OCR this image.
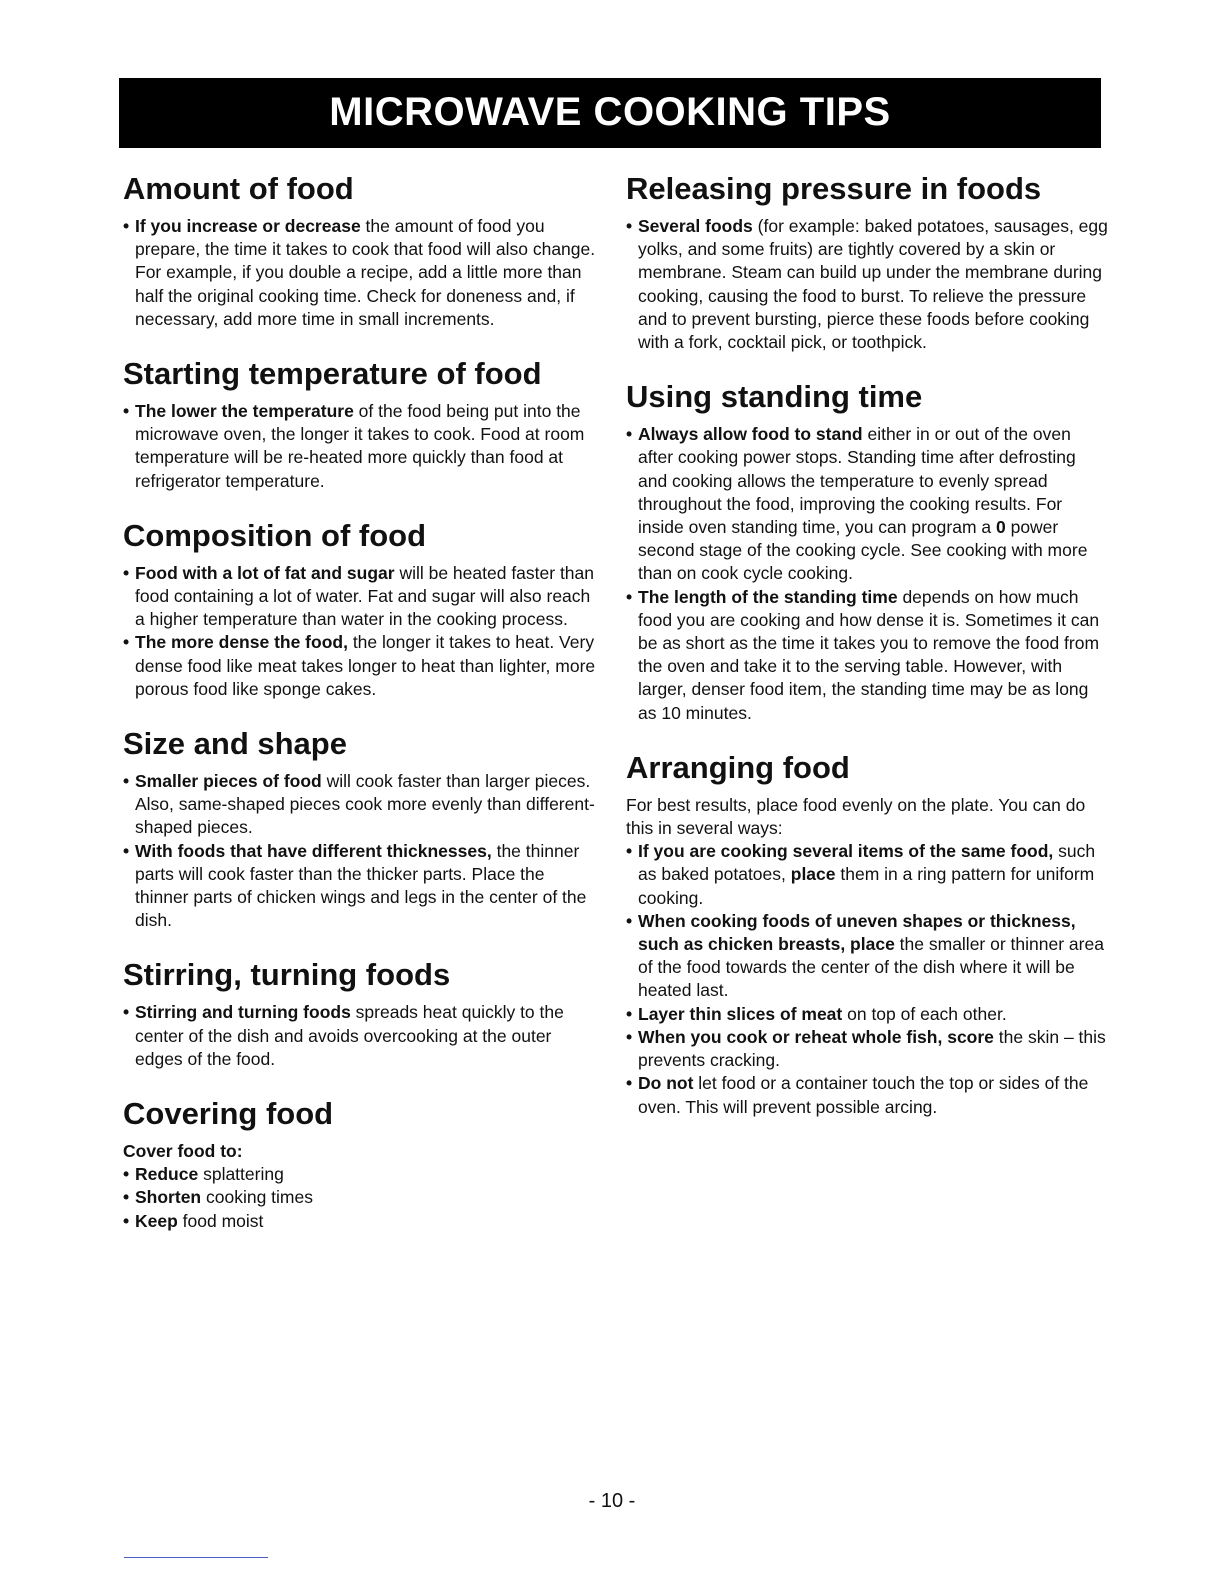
MICROWAVE COOKING TIPS
Amount of food
• If you increase or decrease the amount of food you prepare, the time it takes to cook that food will also change. For example, if you double a recipe, add a little more than half the original cooking time. Check for doneness and, if necessary, add more time in small increments.
Starting temperature of food
• The lower the temperature of the food being put into the microwave oven, the longer it takes to cook. Food at room temperature will be re-heated more quickly than food at refrigerator temperature.
Composition of food
• Food with a lot of fat and sugar will be heated faster than food containing a lot of water. Fat and sugar will also reach a higher temperature than water in the cooking process.
• The more dense the food, the longer it takes to heat. Very dense food like meat takes longer to heat than lighter, more porous food like sponge cakes.
Size and shape
• Smaller pieces of food will cook faster than larger pieces. Also, same-shaped pieces cook more evenly than different-shaped pieces.
• With foods that have different thicknesses, the thinner parts will cook faster than the thicker parts. Place the thinner parts of chicken wings and legs in the center of the dish.
Stirring, turning foods
• Stirring and turning foods spreads heat quickly to the center of the dish and avoids overcooking at the outer edges of the food.
Covering food
Cover food to:
• Reduce splattering
• Shorten cooking times
• Keep food moist
Releasing pressure in foods
• Several foods (for example: baked potatoes, sausages, egg yolks, and some fruits) are tightly covered by a skin or membrane. Steam can build up under the membrane during cooking, causing the food to burst. To relieve the pressure and to prevent bursting, pierce these foods before cooking with a fork, cocktail pick, or toothpick.
Using standing time
• Always allow food to stand either in or out of the oven after cooking power stops. Standing time after defrosting and cooking allows the temperature to evenly spread throughout the food, improving the cooking results. For inside oven standing time, you can program a 0 power second stage of the cooking cycle. See cooking with more than on cook cycle cooking.
• The length of the standing time depends on how much food you are cooking and how dense it is. Sometimes it can be as short as the time it takes you to remove the food from the oven and take it to the serving table. However, with larger, denser food item, the standing time may be as long as 10 minutes.
Arranging food
For best results, place food evenly on the plate. You can do this in several ways:
• If you are cooking several items of the same food, such as baked potatoes, place them in a ring pattern for uniform cooking.
• When cooking foods of uneven shapes or thickness, such as chicken breasts, place the smaller or thinner area of the food towards the center of the dish where it will be heated last.
• Layer thin slices of meat on top of each other.
• When you cook or reheat whole fish, score the skin – this prevents cracking.
• Do not let food or a container touch the top or sides of the oven. This will prevent possible arcing.
- 10 -
